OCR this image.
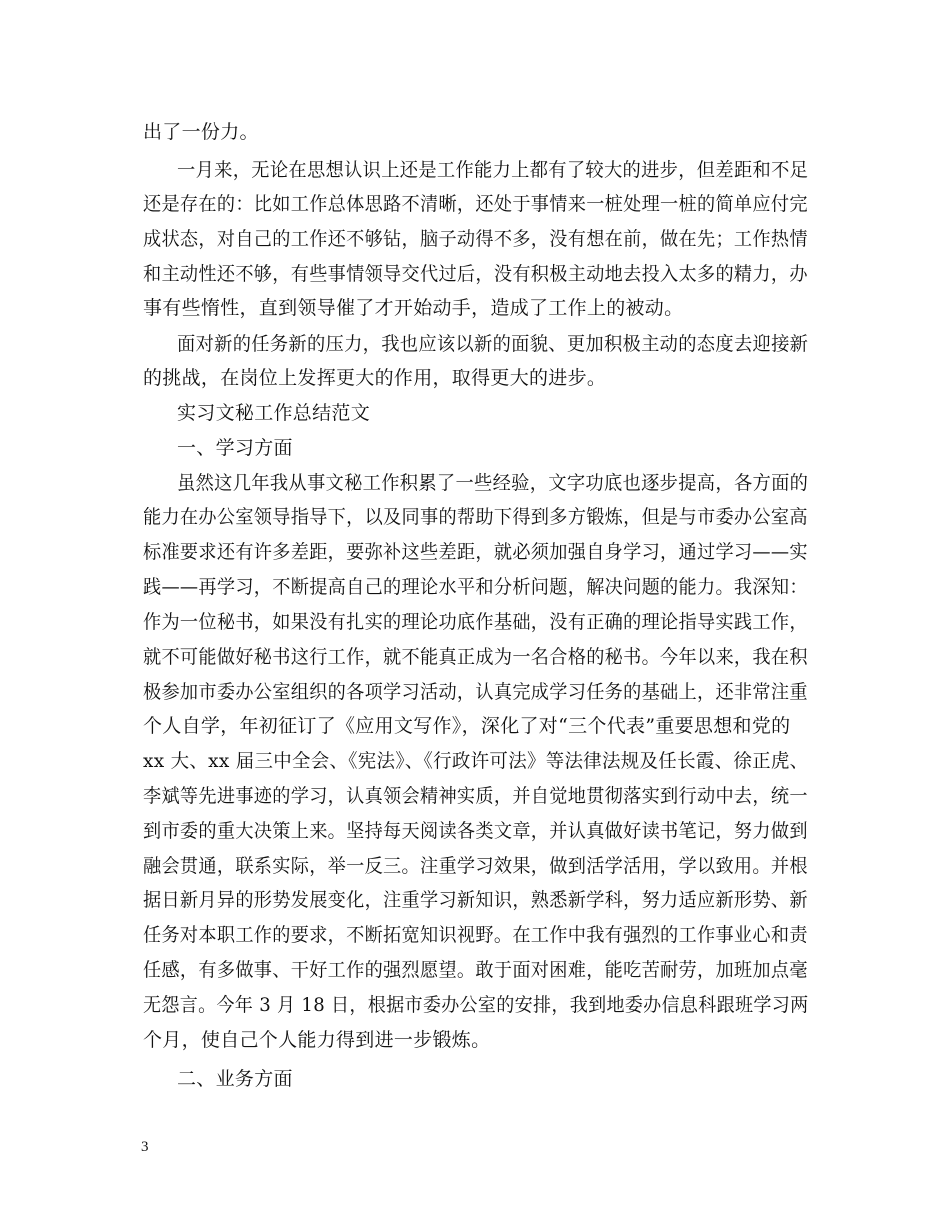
出了一份力。
一月来，无论在思想认识上还是工作能力上都有了较大的进步，但差距和不足
还是存在的：比如工作总体思路不清晰，还处于事情来一桩处理一桩的简单应付完
成状态，对自己的工作还不够钻，脑子动得不多，没有想在前，做在先；工作热情
和主动性还不够，有些事情领导交代过后，没有积极主动地去投入太多的精力，办
事有些惰性，直到领导催了才开始动手，造成了工作上的被动。
面对新的任务新的压力，我也应该以新的面貌、更加积极主动的态度去迎接新
的挑战，在岗位上发挥更大的作用，取得更大的进步。
实习文秘工作总结范文
一、学习方面
虽然这几年我从事文秘工作积累了一些经验，文字功底也逐步提高，各方面的
能力在办公室领导指导下，以及同事的帮助下得到多方锻炼，但是与市委办公室高
标准要求还有许多差距，要弥补这些差距，就必须加强自身学习，通过学习——实
践——再学习，不断提高自己的理论水平和分析问题，解决问题的能力。我深知：
作为一位秘书，如果没有扎实的理论功底作基础，没有正确的理论指导实践工作，
就不可能做好秘书这行工作，就不能真正成为一名合格的秘书。今年以来，我在积
极参加市委办公室组织的各项学习活动，认真完成学习任务的基础上，还非常注重
个人自学，年初征订了《应用文写作》，深化了对“三个代表”重要思想和党的
xx 大、xx 届三中全会、《宪法》、《行政许可法》等法律法规及任长霞、徐正虎、
李斌等先进事迹的学习，认真领会精神实质，并自觉地贯彻落实到行动中去，统一
到市委的重大决策上来。坚持每天阅读各类文章，并认真做好读书笔记，努力做到
融会贯通，联系实际，举一反三。注重学习效果，做到活学活用，学以致用。并根
据日新月异的形势发展变化，注重学习新知识，熟悉新学科，努力适应新形势、新
任务对本职工作的要求，不断拓宽知识视野。在工作中我有强烈的工作事业心和责
任感，有多做事、干好工作的强烈愿望。敢于面对困难，能吃苦耐劳，加班加点毫
无怨言。今年 3 月 18 日，根据市委办公室的安排，我到地委办信息科跟班学习两
个月，使自己个人能力得到进一步锻炼。
二、业务方面
3
